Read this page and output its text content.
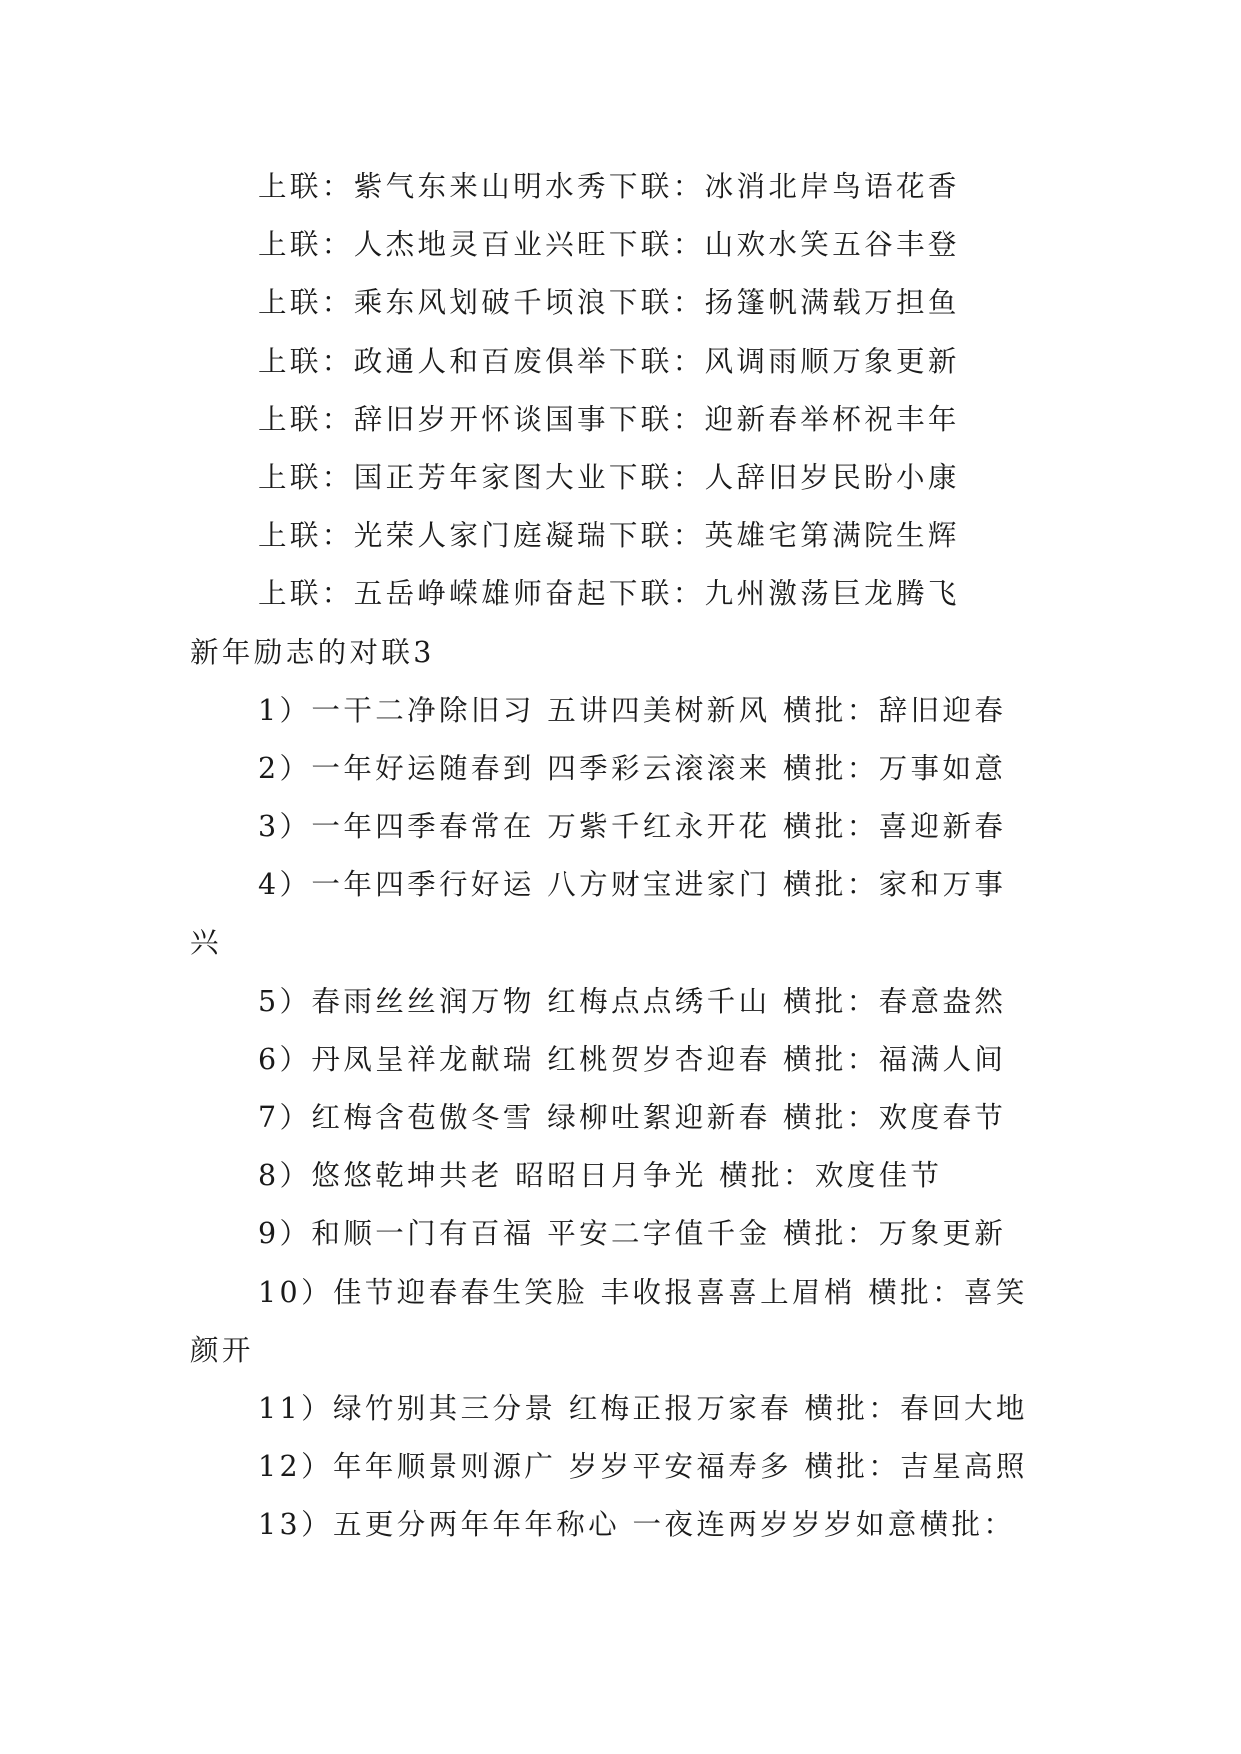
上联：紫气东来山明水秀下联：冰消北岸鸟语花香
上联：人杰地灵百业兴旺下联：山欢水笑五谷丰登
上联：乘东风划破千顷浪下联：扬篷帆满载万担鱼
上联：政通人和百废俱举下联：风调雨顺万象更新
上联：辞旧岁开怀谈国事下联：迎新春举杯祝丰年
上联：国正芳年家图大业下联：人辞旧岁民盼小康
上联：光荣人家门庭凝瑞下联：英雄宅第满院生辉
上联：五岳峥嵘雄师奋起下联：九州激荡巨龙腾飞
新年励志的对联3
1）一干二净除旧习 五讲四美树新风 横批：辞旧迎春
2）一年好运随春到 四季彩云滚滚来 横批：万事如意
3）一年四季春常在 万紫千红永开花 横批：喜迎新春
4）一年四季行好运 八方财宝进家门 横批：家和万事
兴
5）春雨丝丝润万物 红梅点点绣千山 横批：春意盎然
6）丹凤呈祥龙献瑞 红桃贺岁杏迎春 横批：福满人间
7）红梅含苞傲冬雪 绿柳吐絮迎新春 横批：欢度春节
8）悠悠乾坤共老 昭昭日月争光 横批：欢度佳节
9）和顺一门有百福 平安二字值千金 横批：万象更新
10）佳节迎春春生笑脸 丰收报喜喜上眉梢 横批：喜笑
颜开
11）绿竹别其三分景 红梅正报万家春 横批：春回大地
12）年年顺景则源广 岁岁平安福寿多 横批：吉星高照
13）五更分两年年年称心 一夜连两岁岁岁如意横批：
